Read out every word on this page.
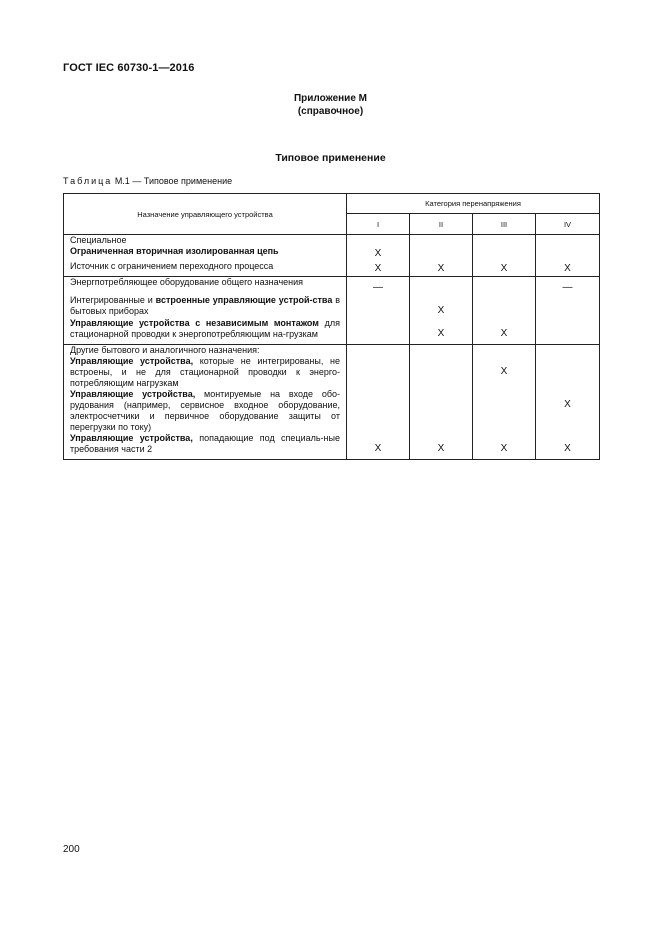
ГОСТ IEC 60730-1—2016
Приложение М
(справочное)
Типовое применение
Таблица М.1 — Типовое применение
Назначение управляющего устройства	Категория перенапряжения			
	I	II	III	IV

Специальное				

Ограниченная вторичная изолированная цепь	X			

Источник с ограничением переходного процесса	X	X	X	X

Энергпотребляющее оборудование общего назначения	—			—

Интегрированные и встроенные управляющие устрой-ства в бытовых приборах		X		

Управляющие устройства с независимым монтажом для стационарной проводки к энергопотребляющим на-грузкам		X	X	

Другие бытового и аналогичного назначения:				

Управляющие устройства, которые не интегрированы, не встроены, и не для стационарной проводки к энерго-потребляющим нагрузкам			X	

Управляющие устройства, монтируемые на входе обо-рудования (например, сервисное входное оборудование, электросчетчики и первичное оборудование защиты от перегрузки по току)				X

Управляющие устройства, попадающие под специаль-ные требования части 2	X	X	X	X
200
